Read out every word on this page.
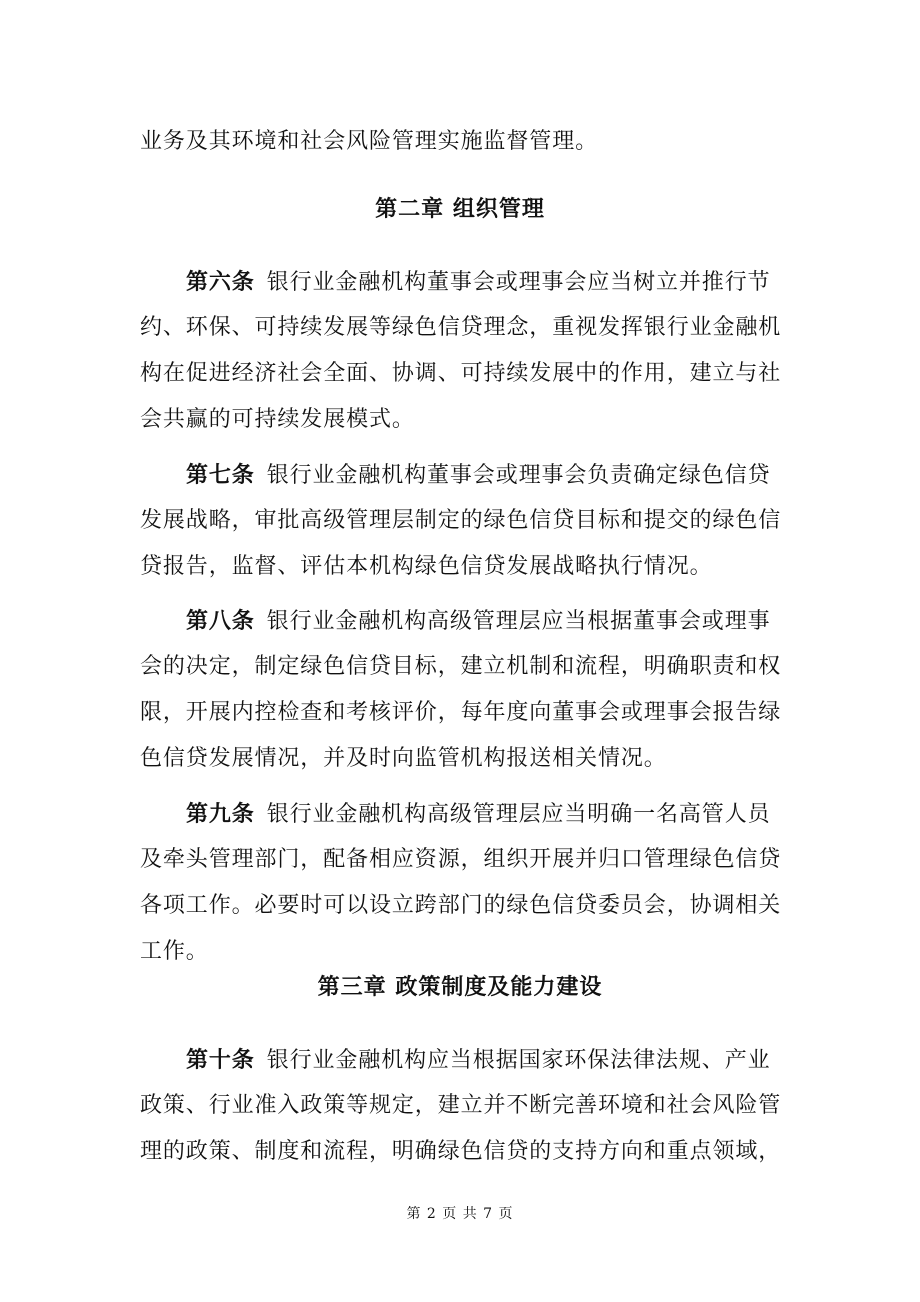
业务及其环境和社会风险管理实施监督管理。
第二章 组织管理
第六条 银行业金融机构董事会或理事会应当树立并推行节
约、环保、可持续发展等绿色信贷理念，重视发挥银行业金融机
构在促进经济社会全面、协调、可持续发展中的作用，建立与社
会共赢的可持续发展模式。
第七条 银行业金融机构董事会或理事会负责确定绿色信贷
发展战略，审批高级管理层制定的绿色信贷目标和提交的绿色信
贷报告，监督、评估本机构绿色信贷发展战略执行情况。
第八条 银行业金融机构高级管理层应当根据董事会或理事
会的决定，制定绿色信贷目标，建立机制和流程，明确职责和权
限，开展内控检查和考核评价，每年度向董事会或理事会报告绿
色信贷发展情况，并及时向监管机构报送相关情况。
第九条 银行业金融机构高级管理层应当明确一名高管人员
及牵头管理部门，配备相应资源，组织开展并归口管理绿色信贷
各项工作。必要时可以设立跨部门的绿色信贷委员会，协调相关
工作。
第三章 政策制度及能力建设
第十条 银行业金融机构应当根据国家环保法律法规、产业
政策、行业准入政策等规定，建立并不断完善环境和社会风险管
理的政策、制度和流程，明确绿色信贷的支持方向和重点领域，
第 2 页 共 7 页
